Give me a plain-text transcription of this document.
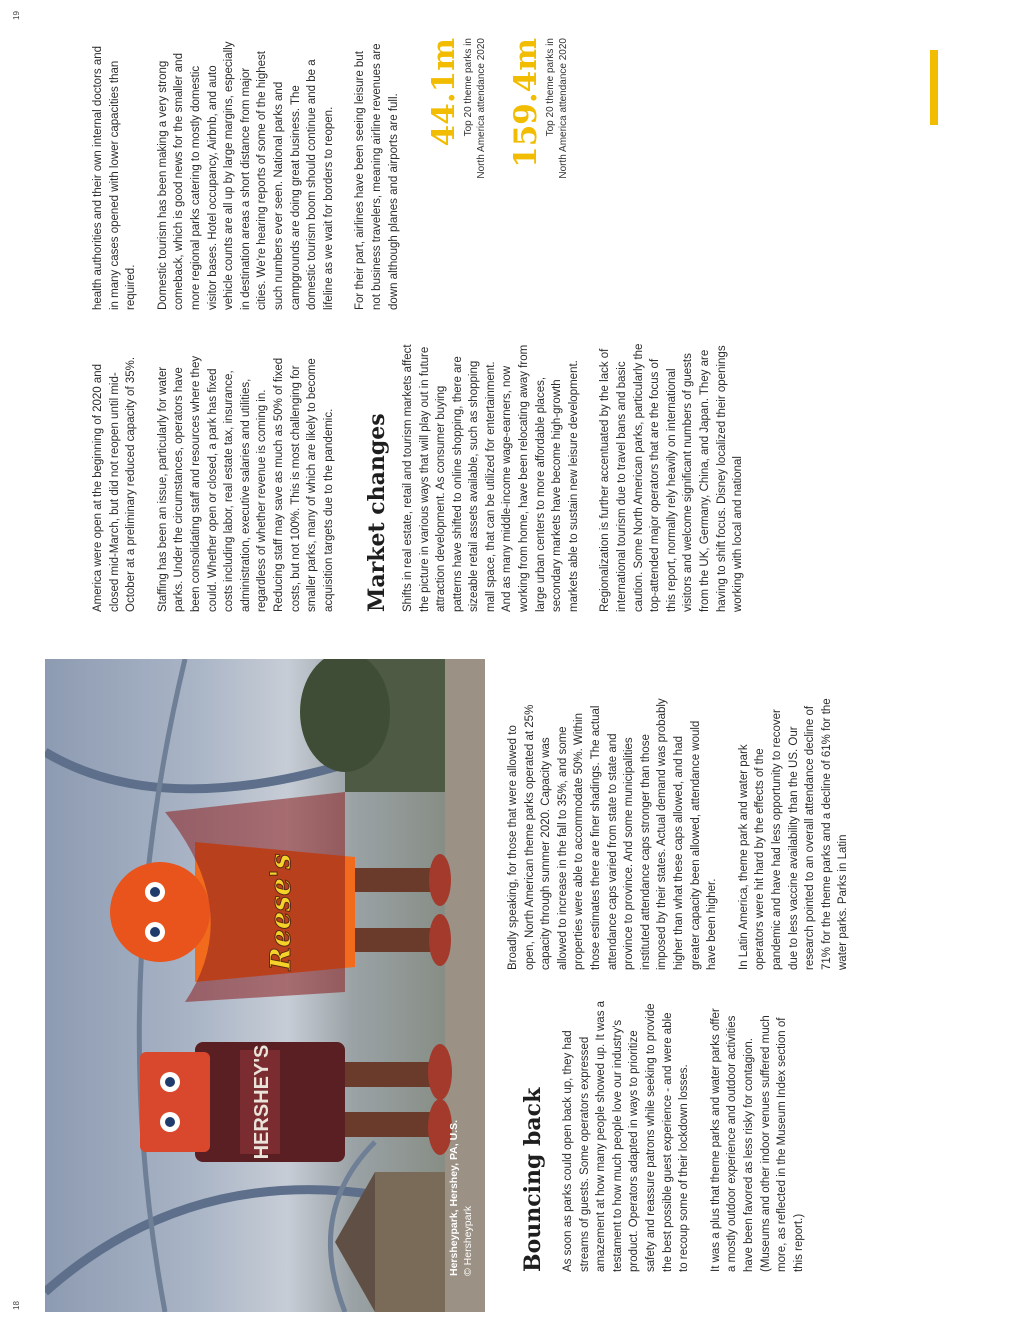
18
HERSHEY'S
Reese's
Hersheypark, Hershey, PA, U.S. © Hersheypark Bouncing back As soon as parks could open back up, they had streams of guests. Some operators expressed amazement at how many people showed up. It was a testament to how much people love our industry's product. Operators adapted in ways to prioritize safety and reassure patrons while seeking to provide the best possible guest experience - and were able to recoup some of their lockdown losses. It was a plus that theme parks and water parks offer a mostly outdoor experience and outdoor activities have been favored as less risky for contagion. (Museums and other indoor venues suffered much more, as reflected in the Museum Index section of this report.)

Broadly speaking, for those that were allowed to open, North American theme parks operated at 25% capacity through summer 2020. Capacity was allowed to increase in the fall to 35%, and some properties were able to accommodate 50%. Within those estimates there are finer shadings. The actual attendance caps varied from state to state and province to province. And some municipalities instituted attendance caps stronger than those imposed by their states. Actual demand was probably higher than what these caps allowed, and had greater capacity been allowed, attendance would have been higher. In Latin America, theme park and water park operators were hit hard by the effects of the pandemic and have had less opportunity to recover due to less vaccine availability than the US. Our research pointed to an overall attendance decline of 71% for the theme parks and a decline of 61% for the water parks. Parks in Latin

America were open at the beginning of 2020 and closed mid-March, but did not reopen until mid-October at a preliminary reduced capacity of 35%. Staffing has been an issue, particularly for water parks. Under the circumstances, operators have been consolidating staff and resources where they could. Whether open or closed, a park has fixed costs including labor, real estate tax, insurance, administration, executive salaries and utilities, regardless of whether revenue is coming in. Reducing staff may save as much as 50% of fixed costs, but not 100%. This is most challenging for smaller parks, many of which are likely to become acquisition targets due to the pandemic. Market changes Shifts in real estate, retail and tourism markets affect the picture in various ways that will play out in future attraction development. As consumer buying patterns have shifted to online shopping, there are sizeable retail assets available, such as shopping mall space, that can be utilized for entertainment. And as many middle-income wage-earners, now working from home, have been relocating away from large urban centers to more affordable places, secondary markets have become high-growth markets able to sustain new leisure development. Regionalization is further accentuated by the lack of international tourism due to travel bans and basic caution. Some North American parks, particularly the top-attended major operators that are the focus of this report, normally rely heavily on international visitors and welcome significant numbers of guests from the UK, Germany, China, and Japan. They are having to shift focus. Disney localized their openings working with local and national

health authorities and their own internal doctors and in many cases opened with lower capacities than required. Domestic tourism has been making a very strong comeback, which is good news for the smaller and more regional parks catering to mostly domestic visitor bases. Hotel occupancy, Airbnb, and auto vehicle counts are all up by large margins, especially in destination areas a short distance from major cities. We're hearing reports of some of the highest such numbers ever seen. National parks and campgrounds are doing great business. The domestic tourism boom should continue and be a lifeline as we wait for borders to reopen. For their part, airlines have been seeing leisure but not business travelers, meaning airline revenues are down although planes and airports are full.

44.1m Top 20 theme parks in North America attendance 2020 159.4m Top 20 theme parks in North America attendance 2020
19
